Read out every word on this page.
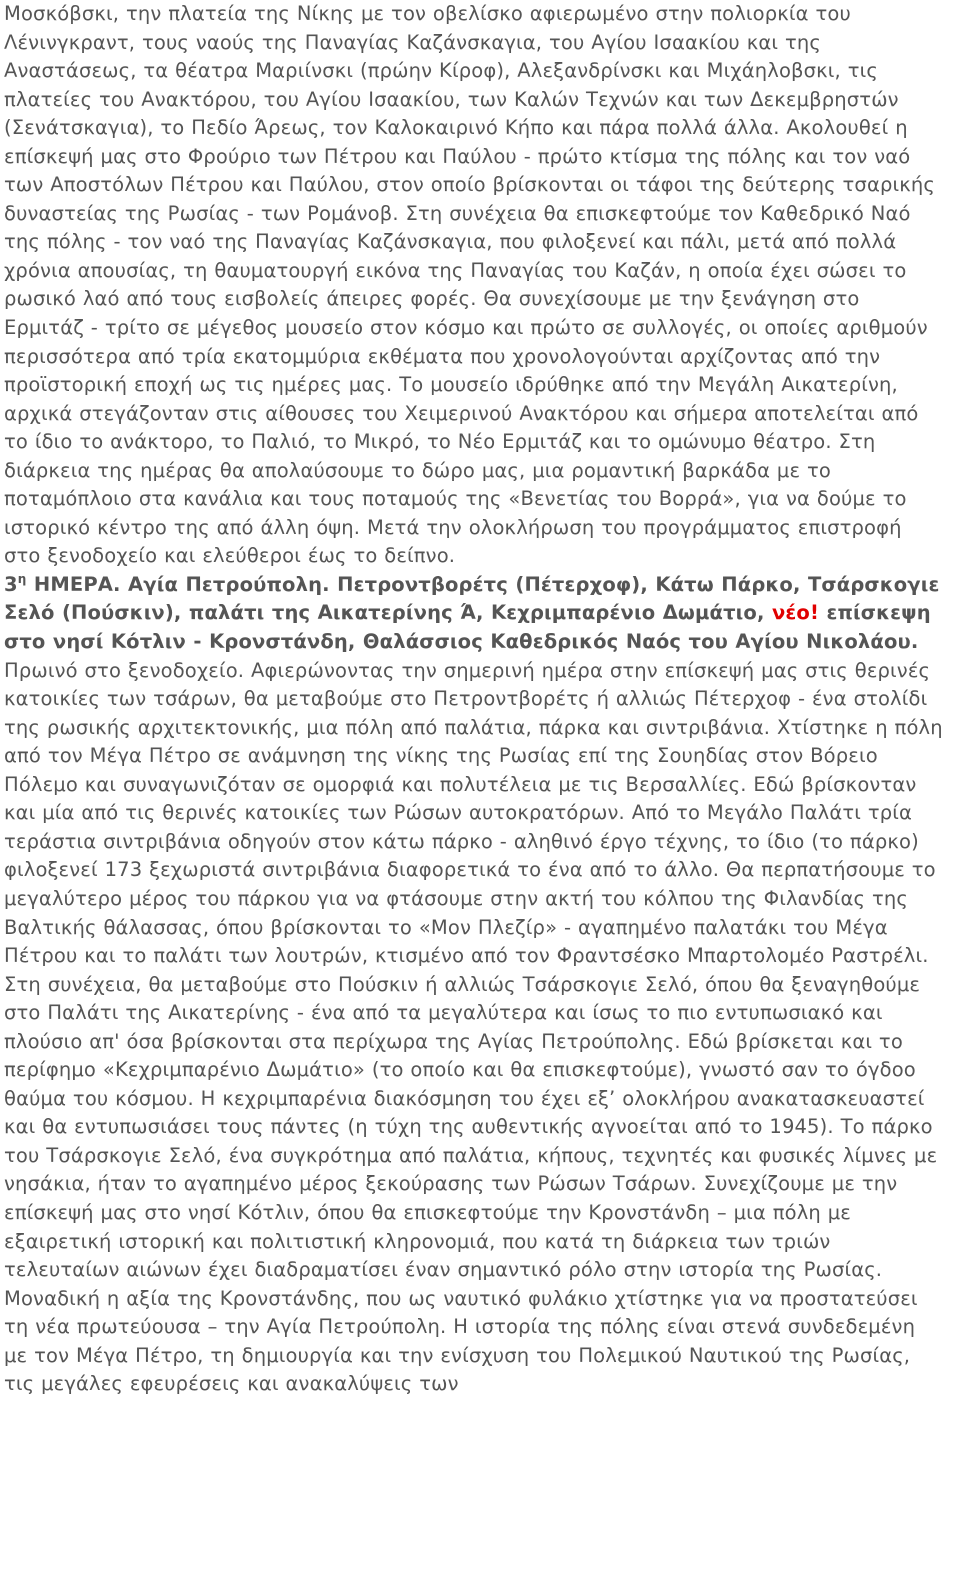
Μοσκόβσκι, την πλατεία της Νίκης με τον οβελίσκο αφιερωμένο στην πολιορκία του Λένινγκραντ, τους ναούς της Παναγίας Καζάνσκαγια, του Αγίου Ισαακίου και της Αναστάσεως, τα θέατρα Μαριίνσκι (πρώην Κίροφ), Αλεξανδρίνσκι και Μιχάηλοβσκι, τις πλατείες του Ανακτόρου, του Αγίου Ισαακίου, των Καλών Τεχνών και των Δεκεμβρηστών (Σενάτσκαγια), το Πεδίο Άρεως, τον Καλοκαιρινό Κήπο και πάρα πολλά άλλα. Ακολουθεί η επίσκεψή μας στο Φρούριο των Πέτρου και Παύλου - πρώτο κτίσμα της πόλης και τον ναό των Αποστόλων Πέτρου και Παύλου, στον οποίο βρίσκονται οι τάφοι της δεύτερης τσαρικής δυναστείας της Ρωσίας - των Ρομάνοβ. Στη συνέχεια θα επισκεφτούμε τον Καθεδρικό Ναό της πόλης - τον ναό της Παναγίας Καζάνσκαγια, που φιλοξενεί και πάλι, μετά από πολλά χρόνια απουσίας, τη θαυματουργή εικόνα της Παναγίας του Καζάν, η οποία έχει σώσει το ρωσικό λαό από τους εισβολείς άπειρες φορές. Θα συνεχίσουμε με την ξενάγηση στο Ερμιτάζ - τρίτο σε μέγεθος μουσείο στον κόσμο και πρώτο σε συλλογές, οι οποίες αριθμούν περισσότερα από τρία εκατομμύρια εκθέματα που χρονολογούνται αρχίζοντας από την προϊστορική εποχή ως τις ημέρες μας. Το μουσείο ιδρύθηκε από την Μεγάλη Αικατερίνη, αρχικά στεγάζονταν στις αίθουσες του Χειμερινού Ανακτόρου και σήμερα αποτελείται από το ίδιο το ανάκτορο, το Παλιό, το Μικρό, το Νέο Ερμιτάζ και το ομώνυμο θέατρο. Στη διάρκεια της ημέρας θα απολαύσουμε το δώρο μας, μια ρομαντική βαρκάδα με το ποταμόπλοιο στα κανάλια και τους ποταμούς της «Βενετίας του Βορρά», για να δούμε το ιστορικό κέντρο της από άλλη όψη. Μετά την ολοκλήρωση του προγράμματος επιστροφή στο ξενοδοχείο και ελεύθεροι έως το δείπνο.

$3^\eta$ ΗΜΕΡΑ. Αγία Πετρούπολη. Πετροντβορέτς (Πέτερχοφ), Κάτω Πάρκο, Τσάρσκογιε Σελό (Πούσκιν), παλάτι της Αικατερίνης Ά, Κεχριμπαρένιο Δωμάτιο, νέο! επίσκεψη στο νησί Κότλιν - Κρονστάνδη, Θαλάσσιος Καθεδρικός Ναός του Αγίου Νικολάου.

Πρωινό στο ξενοδοχείο. Αφιερώνοντας την σημερινή ημέρα στην επίσκεψή μας στις θερινές κατοικίες των τσάρων, θα μεταβούμε στο Πετροντβορέτς ή αλλιώς Πέτερχοφ - ένα στολίδι της ρωσικής αρχιτεκτονικής, μια πόλη από παλάτια, πάρκα και σιντριβάνια. Χτίστηκε η πόλη από τον Μέγα Πέτρο σε ανάμνηση της νίκης της Ρωσίας επί της Σουηδίας στον Βόρειο Πόλεμο και συναγωνιζόταν σε ομορφιά και πολυτέλεια με τις Βερσαλλίες. Εδώ βρίσκονταν και μία από τις θερινές κατοικίες των Ρώσων αυτοκρατόρων. Από το Μεγάλο Παλάτι τρία τεράστια σιντριβάνια οδηγούν στον κάτω πάρκο - αληθινό έργο τέχνης, το ίδιο (το πάρκο) φιλοξενεί 173 ξεχωριστά σιντριβάνια διαφορετικά το ένα από το άλλο. Θα περπατήσουμε το μεγαλύτερο μέρος του πάρκου για να φτάσουμε στην ακτή του κόλπου της Φιλανδίας της Βαλτικής θάλασσας, όπου βρίσκονται το «Μον Πλεζίρ» - αγαπημένο παλατάκι του Μέγα Πέτρου και το παλάτι των λουτρών, κτισμένο από τον Φραντσέσκο Μπαρτολομέο Ραστρέλι. Στη συνέχεια, θα μεταβούμε στο Πούσκιν ή αλλιώς Τσάρσκογιε Σελό, όπου θα ξεναγηθούμε στο Παλάτι της Αικατερίνης - ένα από τα μεγαλύτερα και ίσως το πιο εντυπωσιακό και πλούσιο απ' όσα βρίσκονται στα περίχωρα της Αγίας Πετρούπολης. Εδώ βρίσκεται και το περίφημο «Κεχριμπαρένιο Δωμάτιο» (το οποίο και θα επισκεφτούμε), γνωστό σαν το όγδοο θαύμα του κόσμου. Η κεχριμπαρένια διακόσμηση του έχει εξ’ ολοκλήρου ανακατασκευαστεί και θα εντυπωσιάσει τους πάντες (η τύχη της αυθεντικής αγνοείται από το 1945). Το πάρκο του Τσάρσκογιε Σελό, ένα συγκρότημα από παλάτια, κήπους, τεχνητές και φυσικές λίμνες με νησάκια, ήταν το αγαπημένο μέρος ξεκούρασης των Ρώσων Τσάρων. Συνεχίζουμε με την επίσκεψή μας στο νησί Κότλιν, όπου θα επισκεφτούμε την Κρονστάνδη – μια πόλη με εξαιρετική ιστορική και πολιτιστική κληρονομιά, που κατά τη διάρκεια των τριών τελευταίων αιώνων έχει διαδραματίσει έναν σημαντικό ρόλο στην ιστορία της Ρωσίας. Μοναδική η αξία της Κρονστάνδης, που ως ναυτικό φυλάκιο χτίστηκε για να προστατεύσει τη νέα πρωτεύουσα – την Αγία Πετρούπολη. Η ιστορία της πόλης είναι στενά συνδεδεμένη με τον Μέγα Πέτρο, τη δημιουργία και την ενίσχυση του Πολεμικού Ναυτικού της Ρωσίας, τις μεγάλες εφευρέσεις και ανακαλύψεις των
